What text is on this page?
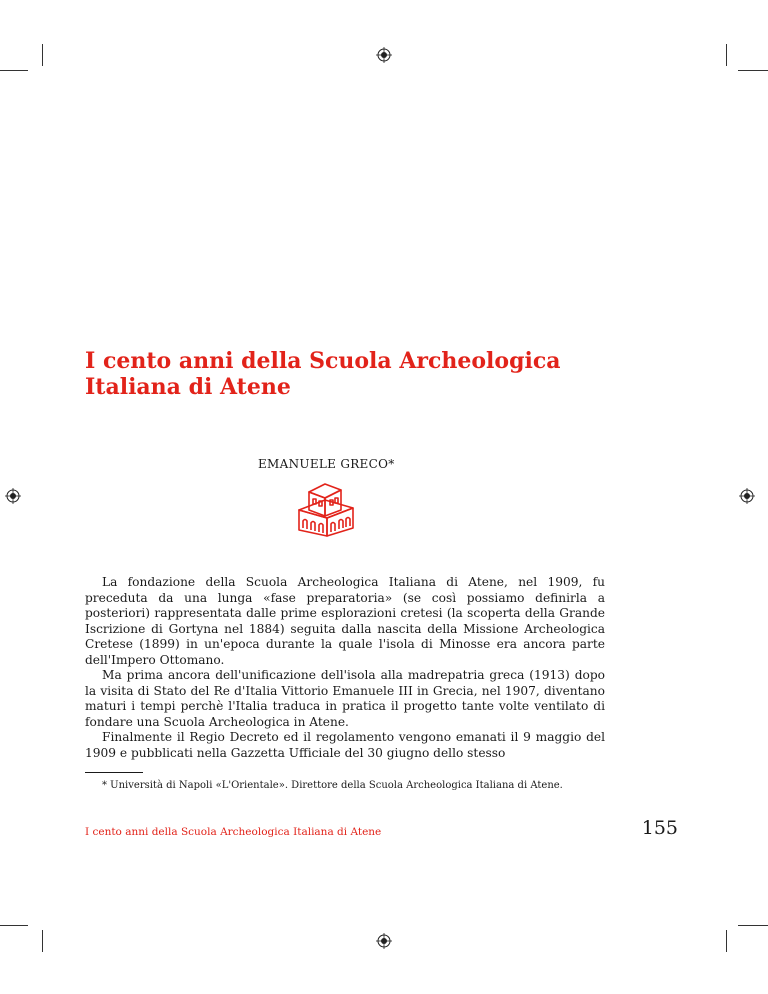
I cento anni della Scuola Archeologica
Italiana di Atene

EMANUELE GRECO*

La fondazione della Scuola Archeologica Italiana di Atene, nel 1909, fu preceduta da una lunga «fase preparatoria» (se così possiamo definirla a posteriori) rappresentata dalle prime esplorazioni cretesi (la scoperta della Grande Iscrizione di Gortyna nel 1884) seguita dalla nascita della Missione Archeologica Cretese (1899) in un'epoca durante la quale l'isola di Minosse era ancora parte dell'Impero Ottomano.

Ma prima ancora dell'unificazione dell'isola alla madrepatria greca (1913) dopo la visita di Stato del Re d'Italia Vittorio Emanuele III in Grecia, nel 1907, diventano maturi i tempi perchè l'Italia traduca in pratica il progetto tante volte ventilato di fondare una Scuola Archeologica in Atene.

Finalmente il Regio Decreto ed il regolamento vengono emanati il 9 maggio del 1909 e pubblicati nella Gazzetta Ufficiale del 30 giugno dello stesso

* Università di Napoli «L'Orientale». Direttore della Scuola Archeologica Italiana di Atene.

I cento anni della Scuola Archeologica Italiana di Atene	155
